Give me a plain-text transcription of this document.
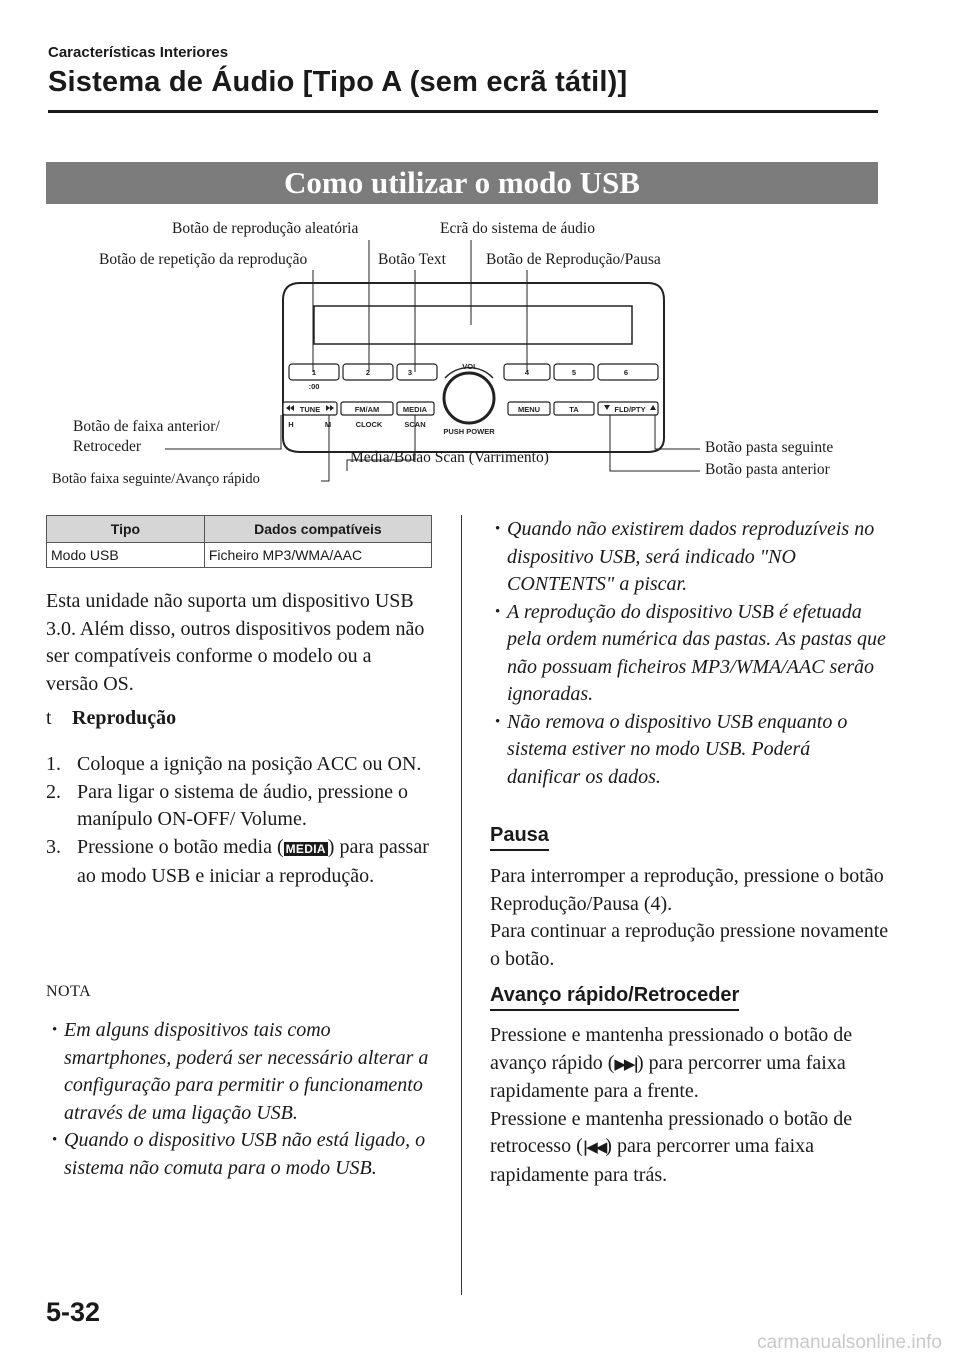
Características Interiores
Sistema de Áudio [Tipo A (sem ecrã tátil)]
Como utilizar o modo USB
1	2	3	4	5	6
:00
VOL
PUSH POWER
TUNE	FM/AM	MEDIA	MENU	TA	FLD/PTY
H	M	CLOCK	SCAN
Botão de reprodução aleatória	Ecrã do sistema de áudio
Botão de repetição da reprodução	Botão Text	Botão de Reprodução/Pausa
Botão de faixa anterior/
Retroceder
Botão faixa seguinte/Avanço rápido
Media/Botão Scan (Varrimento)
Botão pasta seguinte
Botão pasta anterior
Tipo	Dados compatíveis
Modo USB	Ficheiro MP3/WMA/AAC
Esta unidade não suporta um dispositivo USB 3.0. Além disso, outros dispositivos podem não ser compatíveis conforme o modelo ou a versão OS.
t Reprodução
1. Coloque a ignição na posição ACC ou ON.
2. Para ligar o sistema de áudio, pressione o manípulo ON-OFF/ Volume.
3. Pressione o botão media ( MEDIA ) para passar ao modo USB e iniciar a reprodução.
NOTA
• Em alguns dispositivos tais como smartphones, poderá ser necessário alterar a configuração para permitir o funcionamento através de uma ligação USB.
• Quando o dispositivo USB não está ligado, o sistema não comuta para o modo USB.
• Quando não existirem dados reproduzíveis no dispositivo USB, será indicado "NO CONTENTS" a piscar.
• A reprodução do dispositivo USB é efetuada pela ordem numérica das pastas. As pastas que não possuam ficheiros MP3/WMA/AAC serão ignoradas.
• Não remova o dispositivo USB enquanto o sistema estiver no modo USB. Poderá danificar os dados.
Pausa
Para interromper a reprodução, pressione o botão Reprodução/Pausa (4).
Para continuar a reprodução pressione novamente o botão.
Avanço rápido/Retroceder
Pressione e mantenha pressionado o botão de avanço rápido (▶▶|) para percorrer uma faixa rapidamente para a frente.
Pressione e mantenha pressionado o botão de retrocesso (|◀◀) para percorrer uma faixa rapidamente para trás.
5-32
carmanualsonline.info
